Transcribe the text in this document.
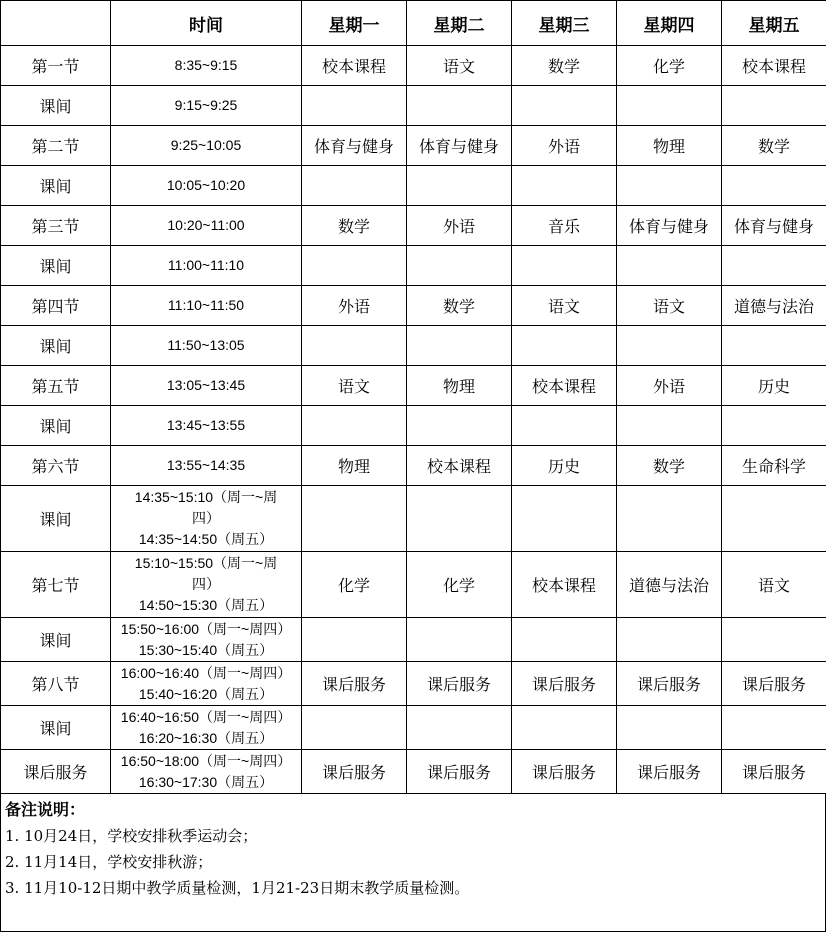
	时间	星期一	星期二	星期三	星期四	星期五
第一节	8:35~9:15	校本课程	语文	数学	化学	校本课程
课间	9:15~9:25					

第二节	9:25~10:05	体育与健身	体育与健身	外语	物理	数学
课间	10:05~10:20					

第三节	10:20~11:00	数学	外语	音乐	体育与健身	体育与健身
课间	11:00~11:10					

第四节	11:10~11:50	外语	数学	语文	语文	道德与法治
课间	11:50~13:05					

第五节	13:05~13:45	语文	物理	校本课程	外语	历史
课间	13:45~13:55					

第六节	13:55~14:35	物理	校本课程	历史	数学	生命科学
课间	14:35~15:10（周一~周
四）
14:35~14:50（周五）					

第七节	15:10~15:50（周一~周
四）
14:50~15:30（周五）	化学	化学	校本课程	道德与法治	语文
课间	15:50~16:00（周一~周四）
15:30~15:40（周五）					

第八节	16:00~16:40（周一~周四）
15:40~16:20（周五）	课后服务	课后服务	课后服务	课后服务	课后服务
课间	16:40~16:50（周一~周四）
16:20~16:30（周五）					

课后服务	16:50~18:00（周一~周四）
16:30~17:30（周五）	课后服务	课后服务	课后服务	课后服务	课后服务
备注说明：
1. 10月24日，学校安排秋季运动会；
2. 11月14日，学校安排秋游；
3. 11月10-12日期中教学质量检测，1月21-23日期末教学质量检测。
